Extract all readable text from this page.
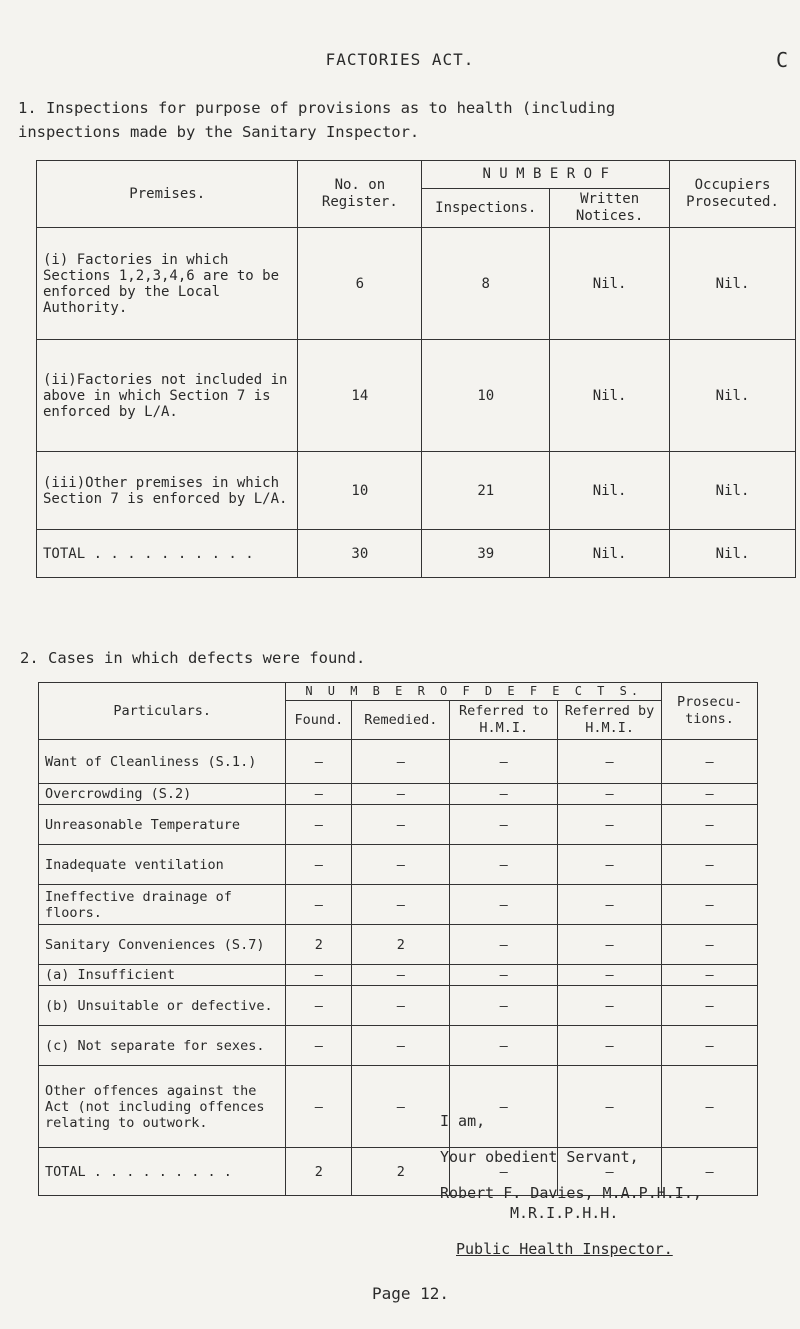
FACTORIES ACT.	C
1. Inspections for purpose of provisions as to health (including
inspections made by the Sanitary Inspector.
Premises.	No. on Register.	N U M B E R O F		Occupiers Prosecuted.
		Inspections.	Written Notices.	
(i) Factories in which Sections 1,2,3,4,6 are to be enforced by the Local Authority.	6	8	Nil.	Nil.
(ii)Factories not included in above in which Section 7 is enforced by L/A.	14	10	Nil.	Nil.
(iii)Other premises in which Section 7 is enforced by L/A.	10	21	Nil.	Nil.
TOTAL . . . . . . . . . .	30	39	Nil.	Nil.
2. Cases in which defects were found.
Particulars.	N U M B E R O F D E F E C T S.				Prosecu-tions.
	Found.	Remedied.	Referred to H.M.I.	Referred by H.M.I.	
Want of Cleanliness (S.1.)	—	—	—	—	—
Overcrowding (S.2)	—	—	—	—	—
Unreasonable Temperature	—	—	—	—	—
Inadequate ventilation	—	—	—	—	—
Ineffective drainage of floors.	—	—	—	—	—
Sanitary Conveniences (S.7)	2	2	—	—	—
(a) Insufficient	—	—	—	—	—
(b) Unsuitable or defective.	—	—	—	—	—
(c) Not separate for sexes.	—	—	—	—	—
Other offences against the Act (not including offences relating to outwork.	—	—	—	—	—
TOTAL . . . . . . . . .	2	2	—	—	—
I am,
Your obedient Servant,
Robert F. Davies, M.A.P.H.I.,
M.R.I.P.H.H.
Public Health Inspector.
Page 12.
